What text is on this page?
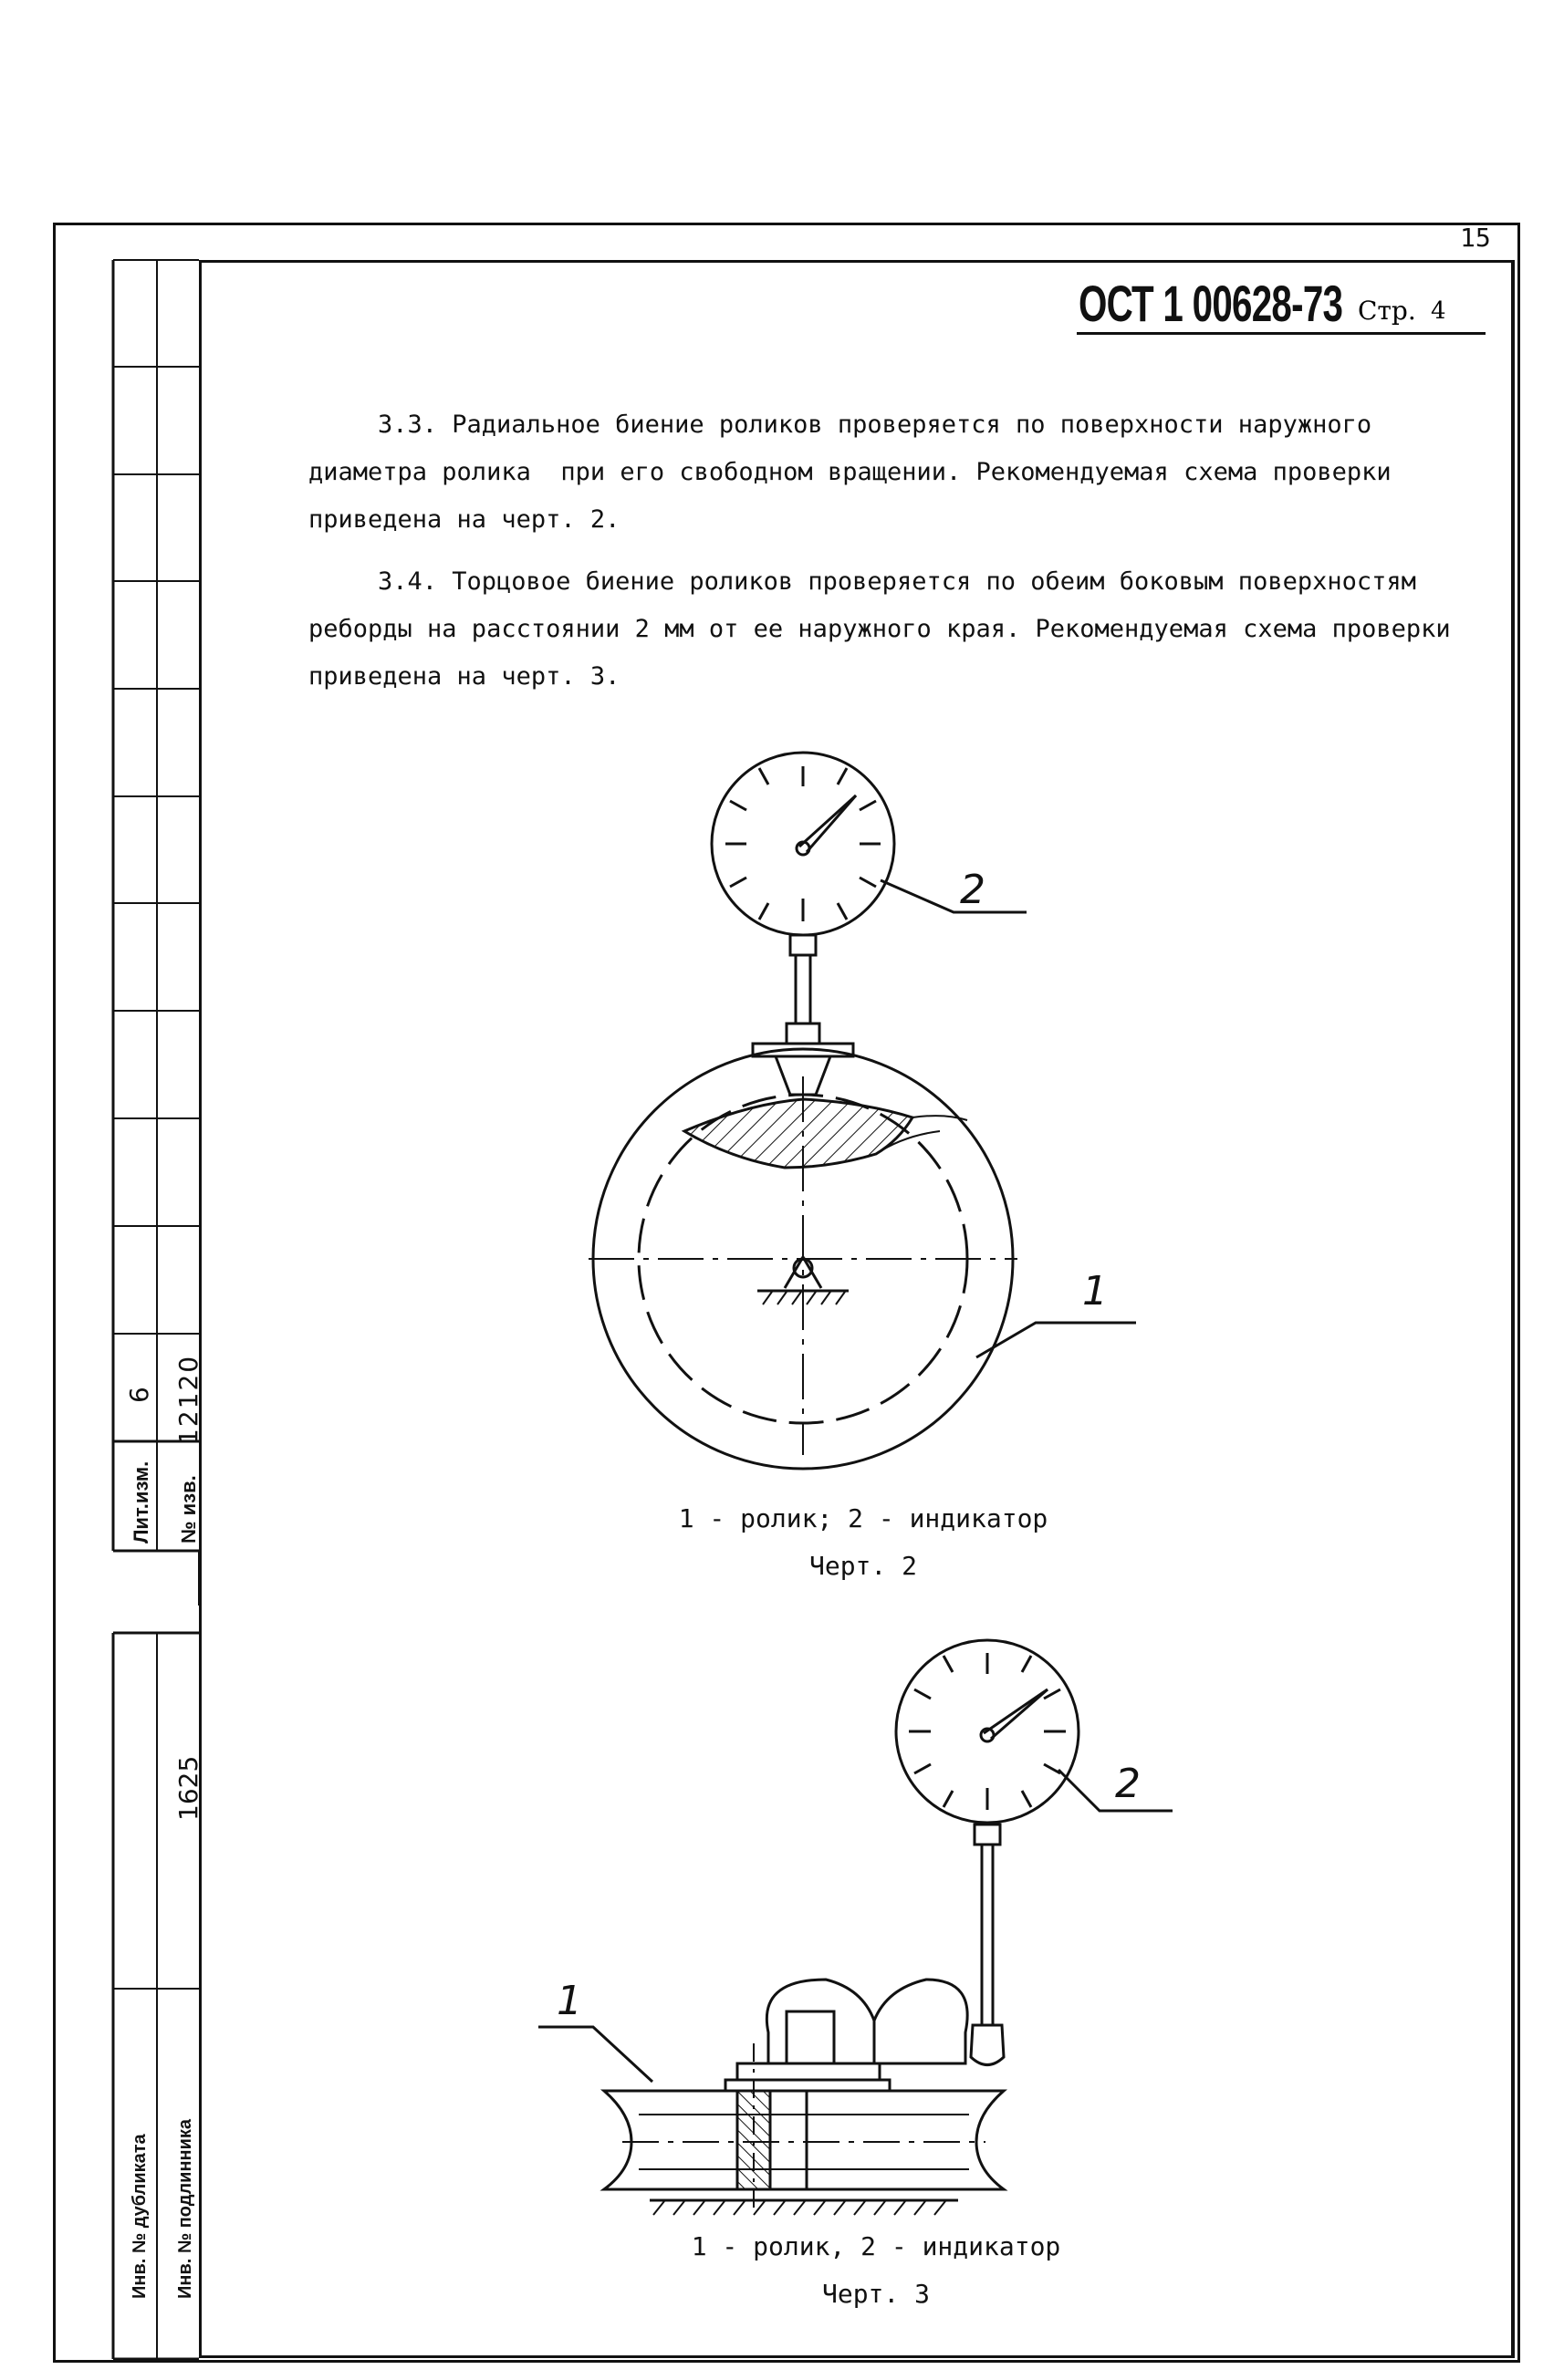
15
ОСТ 1 00628-73 Стр. 4
3.3. Радиальное биение роликов проверяется по поверхности наружного
диаметра ролика  при его свободном вращении. Рекомендуемая схема проверки
приведена на черт. 2.
3.4. Торцовое биение роликов проверяется по обеим боковым поверхностям
реборды на расстоянии 2 мм от ее наружного края. Рекомендуемая схема проверки
приведена на черт. 3.
2
1
2
1
1 - ролик; 2 - индикатор
Черт. 2
1 - ролик, 2 - индикатор
Черт. 3
Лит.изм. № изв.
6 12120
Инв. № дубликата Инв. № подлинника
1625
